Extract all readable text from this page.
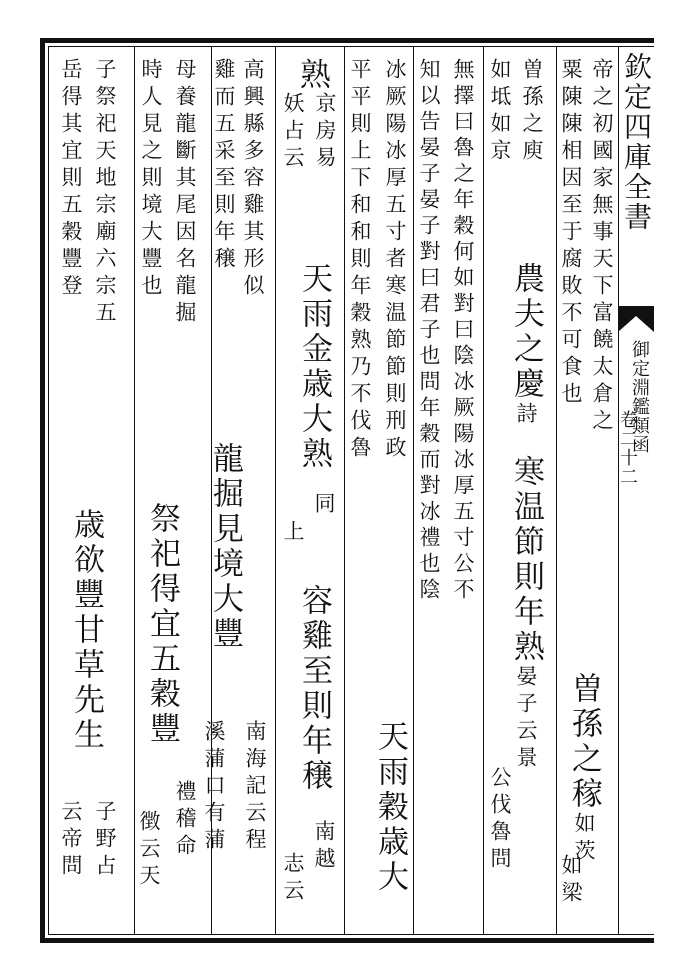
欽定四庫全書
御定淵鑑類函
卷二十二
帝之初國家無事天下富饒太倉之
粟陳陳相因至于腐敗不可食也
曽孫之稼如茨
如梁
曽孫之庾
農夫之慶詩寒温節則年熟晏子云景
如坻如京
公伐魯問
無擇曰魯之年穀何如對曰陰冰厥陽冰厚五寸公不
知以告晏子晏子對曰君子也問年穀而對冰禮也陰
冰厥陽冰厚五寸者寒温節節則刑政
天雨穀歳大
平平則上下和和則年穀熟乃不伐魯
熟
京房易
天雨金歳大熟
同
容雞至則年穣
南越
妖占云
上
志云
高興縣多容雞其形似
龍掘見境大豐
南海記云程
雞而五采至則年穣
溪蒲口有蒲
母養龍斷其尾因名龍掘
祭祀得宜五穀豐
禮稽命
時人見之則境大豐也
徴云天
子祭祀天地宗廟六宗五
歳欲豐甘草先生
子野占
岳得其宜則五穀豐登
云帝問
